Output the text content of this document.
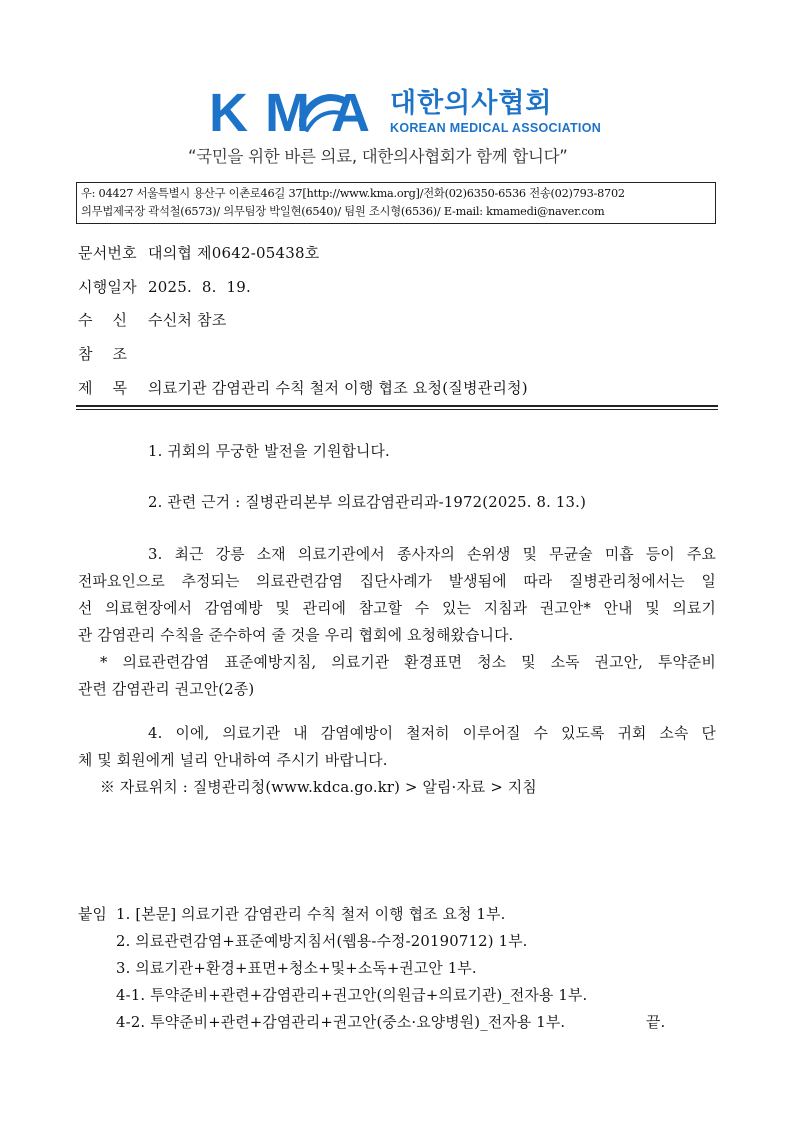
K M A 대한의사협회
KOREAN MEDICAL ASSOCIATION
“국민을 위한 바른 의료, 대한의사협회가 함께 합니다”
우: 04427 서울특별시 용산구 이촌로46길 37[http://www.kma.org]/전화(02)6350-6536 전송(02)793-8702
의무법제국장 곽석철(6573)/ 의무팀장 박일현(6540)/ 팀원 조시형(6536)/ E-mail: kmamedi@naver.com
문서번호 대의협 제0642-05438호
시행일자 2025.  8.  19.
수    신 수신처 참조
참    조
제    목 의료기관 감염관리 수칙 철저 이행 협조 요청(질병관리청)
1. 귀회의 무궁한 발전을 기원합니다.
2. 관련 근거 : 질병관리본부 의료감염관리과-1972(2025. 8. 13.)
3. 최근 강릉 소재 의료기관에서 종사자의 손위생 및 무균술 미흡 등이 주요
전파요인으로 추정되는 의료관련감염 집단사례가 발생됨에 따라 질병관리청에서는 일
선 의료현장에서 감염예방 및 관리에 참고할 수 있는 지침과 권고안* 안내 및 의료기
관 감염관리 수칙을 준수하여 줄 것을 우리 협회에 요청해왔습니다.
* 의료관련감염 표준예방지침, 의료기관 환경표면 청소 및 소독 권고안, 투약준비
관련 감염관리 권고안(2종)
4. 이에, 의료기관 내 감염예방이 철저히 이루어질 수 있도록 귀회 소속 단
체 및 회원에게 널리 안내하여 주시기 바랍니다.
※ 자료위치 : 질병관리청(www.kdca.go.kr) > 알림·자료 > 지침
붙임 1. [본문] 의료기관 감염관리 수칙 철저 이행 협조 요청 1부.
2. 의료관련감염+표준예방지침서(웹용-수정-20190712) 1부.
3. 의료기관+환경+표면+청소+및+소독+권고안 1부.
4-1. 투약준비+관련+감염관리+권고안(의원급+의료기관)_전자용 1부.
4-2. 투약준비+관련+감염관리+권고안(중소·요양병원)_전자용 1부.	끝.
